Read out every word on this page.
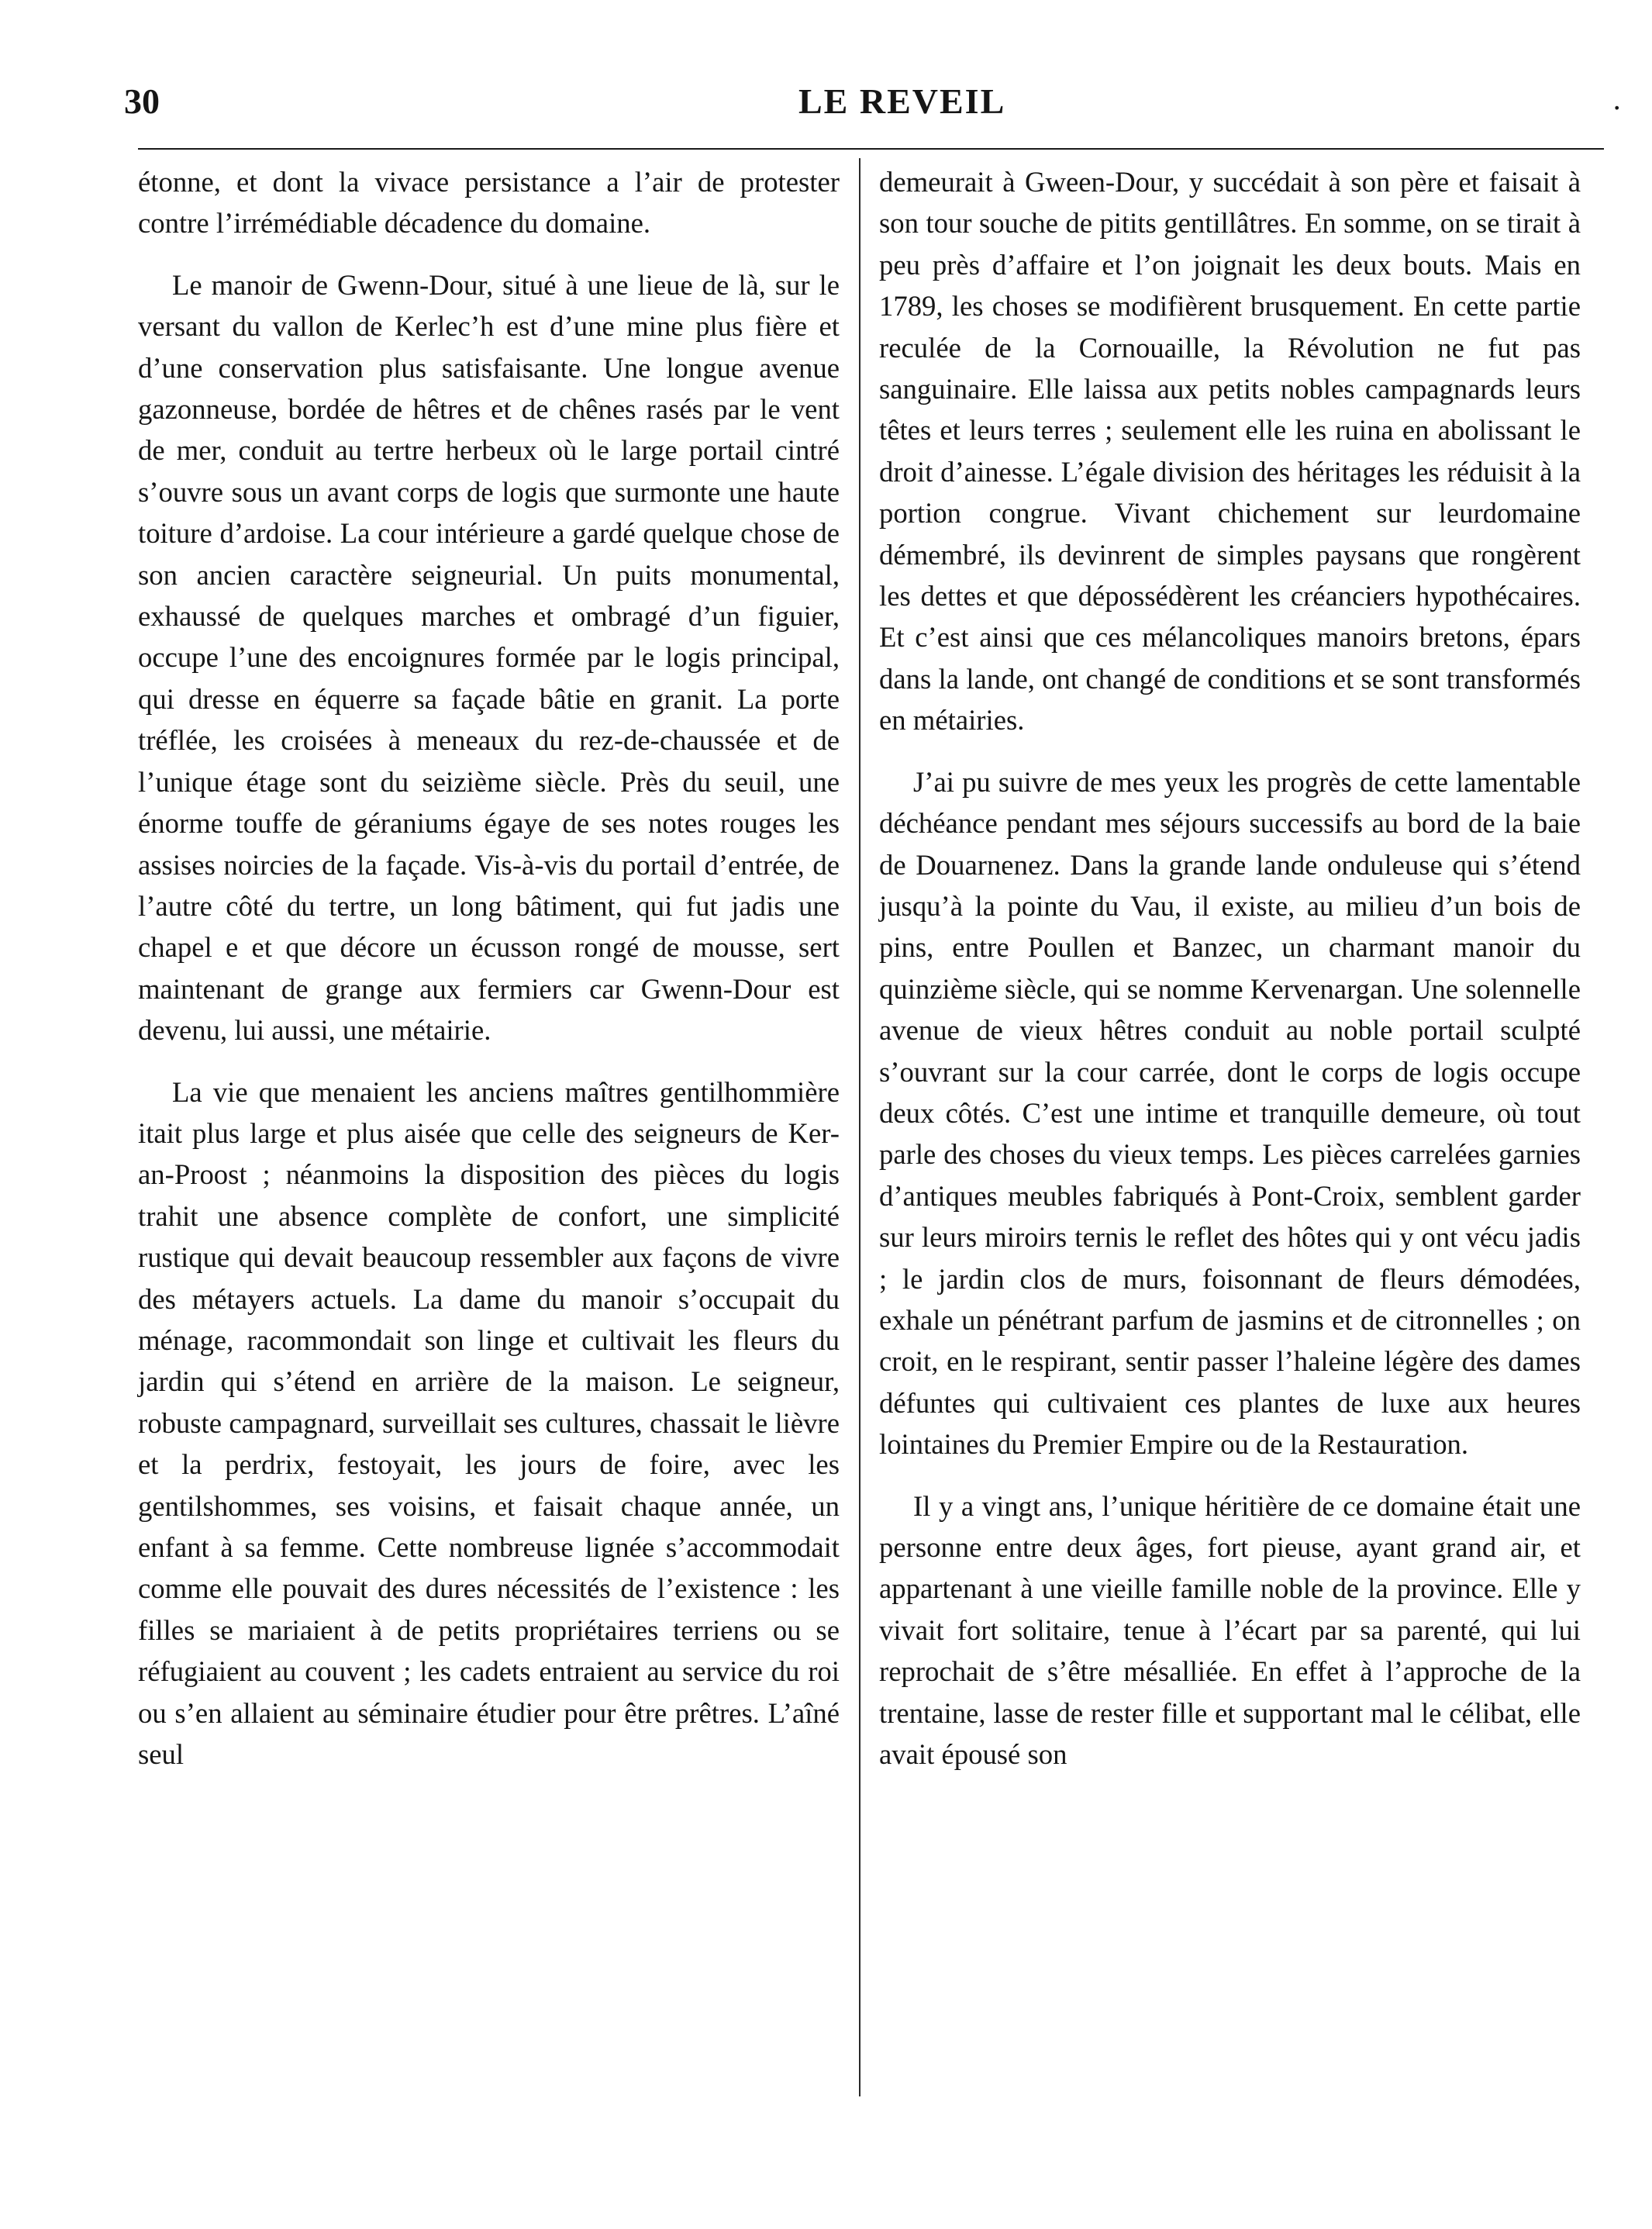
30	LE REVEIL	.

étonne, et dont la vivace persistance a l’air de protester contre l’irrémédiable décadence du domaine.

Le manoir de Gwenn-Dour, situé à une lieue de là, sur le versant du vallon de Kerlec’h est d’une mine plus fière et d’une conservation plus satisfaisante. Une longue avenue gazonneuse, bordée de hêtres et de chênes rasés par le vent de mer, conduit au tertre herbeux où le large portail cintré s’ouvre sous un avant corps de logis que surmonte une haute toiture d’ardoise. La cour intérieure a gardé quelque chose de son ancien caractère seigneurial. Un puits monumental, exhaussé de quelques marches et ombragé d’un figuier, occupe l’une des encoignures formée par le logis principal, qui dresse en équerre sa façade bâtie en granit. La porte tréflée, les croisées à meneaux du rez-de-chaussée et de l’unique étage sont du seizième siècle. Près du seuil, une énorme touffe de géraniums égaye de ses notes rouges les assises noircies de la façade. Vis-à-vis du portail d’entrée, de l’autre côté du tertre, un long bâtiment, qui fut jadis une chapel e et que décore un écusson rongé de mousse, sert maintenant de grange aux fermiers car Gwenn-Dour est devenu, lui aussi, une métairie.

La vie que menaient les anciens maîtres gentilhommière itait plus large et plus aisée que celle des seigneurs de Ker-an-Proost ; néanmoins la disposition des pièces du logis trahit une absence complète de confort, une simplicité rustique qui devait beaucoup ressembler aux façons de vivre des métayers actuels. La dame du manoir s’occupait du ménage, racommondait son linge et cultivait les fleurs du jardin qui s’étend en arrière de la maison. Le seigneur, robuste campagnard, surveillait ses cultures, chassait le lièvre et la perdrix, festoyait, les jours de foire, avec les gentilshommes, ses voisins, et faisait chaque année, un enfant à sa femme. Cette nombreuse lignée s’accommodait comme elle pouvait des dures nécessités de l’existence : les filles se mariaient à de petits propriétaires terriens ou se réfugiaient au couvent ; les cadets entraient au service du roi ou s’en allaient au séminaire étudier pour être prêtres. L’aîné seul

demeurait à Gween-Dour, y succédait à son père et faisait à son tour souche de pitits gentillâtres. En somme, on se tirait à peu près d’affaire et l’on joignait les deux bouts. Mais en 1789, les choses se modifièrent brusquement. En cette partie reculée de la Cornouaille, la Révolution ne fut pas sanguinaire. Elle laissa aux petits nobles campagnards leurs têtes et leurs terres ; seulement elle les ruina en abolissant le droit d’ainesse. L’égale division des héritages les réduisit à la portion congrue. Vivant chichement sur leurdomaine démembré, ils devinrent de simples paysans que rongèrent les dettes et que dépossédèrent les créanciers hypothécaires. Et c’est ainsi que ces mélancoliques manoirs bretons, épars dans la lande, ont changé de conditions et se sont transformés en métairies.

J’ai pu suivre de mes yeux les progrès de cette lamentable déchéance pendant mes séjours successifs au bord de la baie de Douarnenez. Dans la grande lande onduleuse qui s’étend jusqu’à la pointe du Vau, il existe, au milieu d’un bois de pins, entre Poullen et Banzec, un charmant manoir du quinzième siècle, qui se nomme Kervenargan. Une solennelle avenue de vieux hêtres conduit au noble portail sculpté s’ouvrant sur la cour carrée, dont le corps de logis occupe deux côtés. C’est une intime et tranquille demeure, où tout parle des choses du vieux temps. Les pièces carrelées garnies d’antiques meubles fabriqués à Pont-Croix, semblent garder sur leurs miroirs ternis le reflet des hôtes qui y ont vécu jadis ; le jardin clos de murs, foisonnant de fleurs démodées, exhale un pénétrant parfum de jasmins et de citronnelles ; on croit, en le respirant, sentir passer l’haleine légère des dames défuntes qui cultivaient ces plantes de luxe aux heures lointaines du Premier Empire ou de la Restauration.

Il y a vingt ans, l’unique héritière de ce domaine était une personne entre deux âges, fort pieuse, ayant grand air, et appartenant à une vieille famille noble de la province. Elle y vivait fort solitaire, tenue à l’écart par sa parenté, qui lui reprochait de s’être mésalliée. En effet à l’approche de la trentaine, lasse de rester fille et supportant mal le célibat, elle avait épousé son
